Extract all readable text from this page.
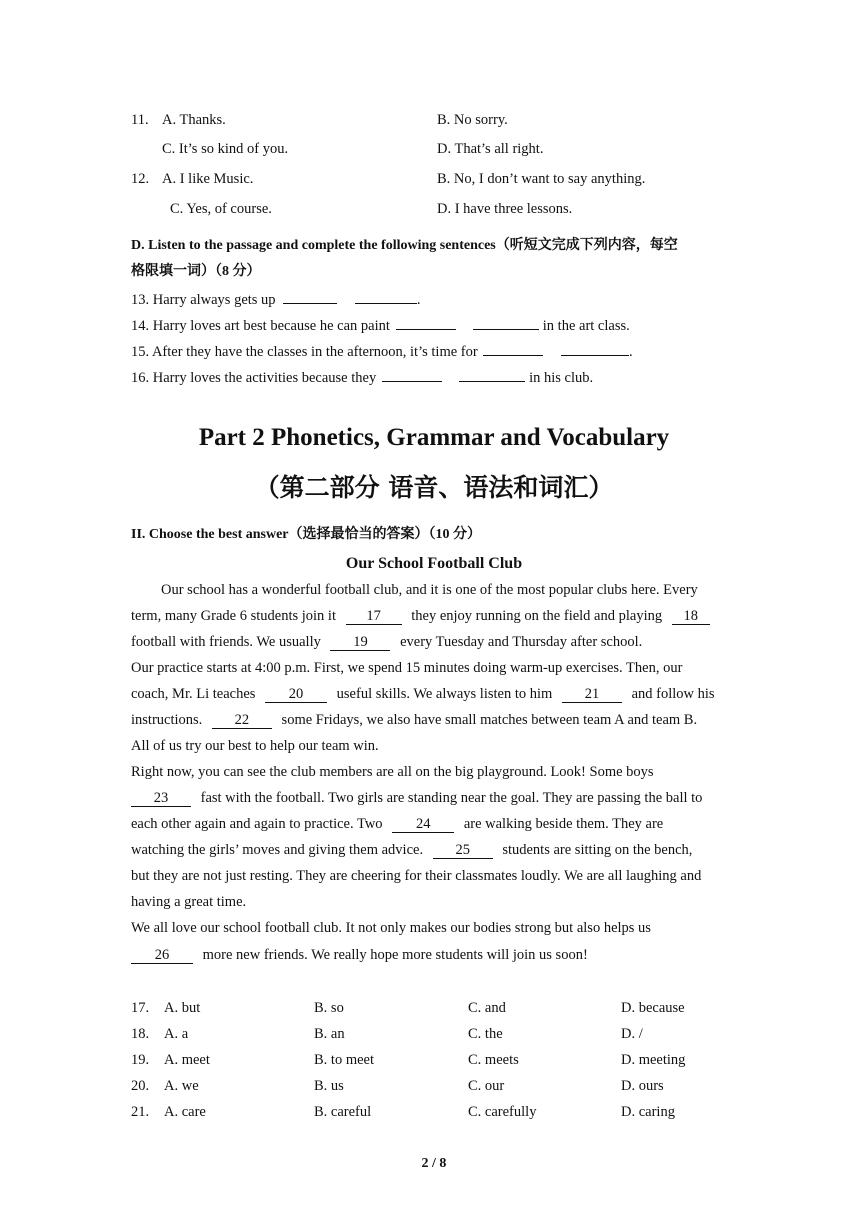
11. A. Thanks.	B. No sorry.
C. It’s so kind of you.	D. That’s all right.
12. A. I like Music.	B. No, I don’t want to say anything.
C. Yes, of course.	D. I have three lessons.
D. Listen to the passage and complete the following sentences（听短文完成下列内容，每空
格限填一词）（8 分）
13. Harry always gets up	.
14. Harry loves art best because he can paint	in the art class.
15. After they have the classes in the afternoon, it’s time for	.
16. Harry loves the activities because they	in his club.
Part 2 Phonetics, Grammar and Vocabulary
（第二部分 语音、语法和词汇）
II. Choose the best answer（选择最恰当的答案）（10 分）
Our School Football Club
Our school has a wonderful football club, and it is one of the most popular clubs here. Every
term, many Grade 6 students join it 17 they enjoy running on the field and playing 18
football with friends. We usually 19 every Tuesday and Thursday after school.
Our practice starts at 4:00 p.m. First, we spend 15 minutes doing warm-up exercises. Then, our
coach, Mr. Li teaches 20 useful skills. We always listen to him 21 and follow his
instructions. 22 some Fridays, we also have small matches between team A and team B.
All of us try our best to help our team win.
Right now, you can see the club members are all on the big playground. Look! Some boys
23 fast with the football. Two girls are standing near the goal. They are passing the ball to
each other again and again to practice. Two 24 are walking beside them. They are
watching the girls’ moves and giving them advice. 25 students are sitting on the bench,
but they are not just resting. They are cheering for their classmates loudly. We are all laughing and
having a great time.
We all love our school football club. It not only makes our bodies strong but also helps us
26 more new friends. We really hope more students will join us soon!
17. A. but	B. so	C. and	D. because
18. A. a	B. an	C. the	D. /
19. A. meet	B. to meet	C. meets	D. meeting
20. A. we	B. us	C. our	D. ours
21. A. care	B. careful	C. carefully	D. caring
2 / 8
